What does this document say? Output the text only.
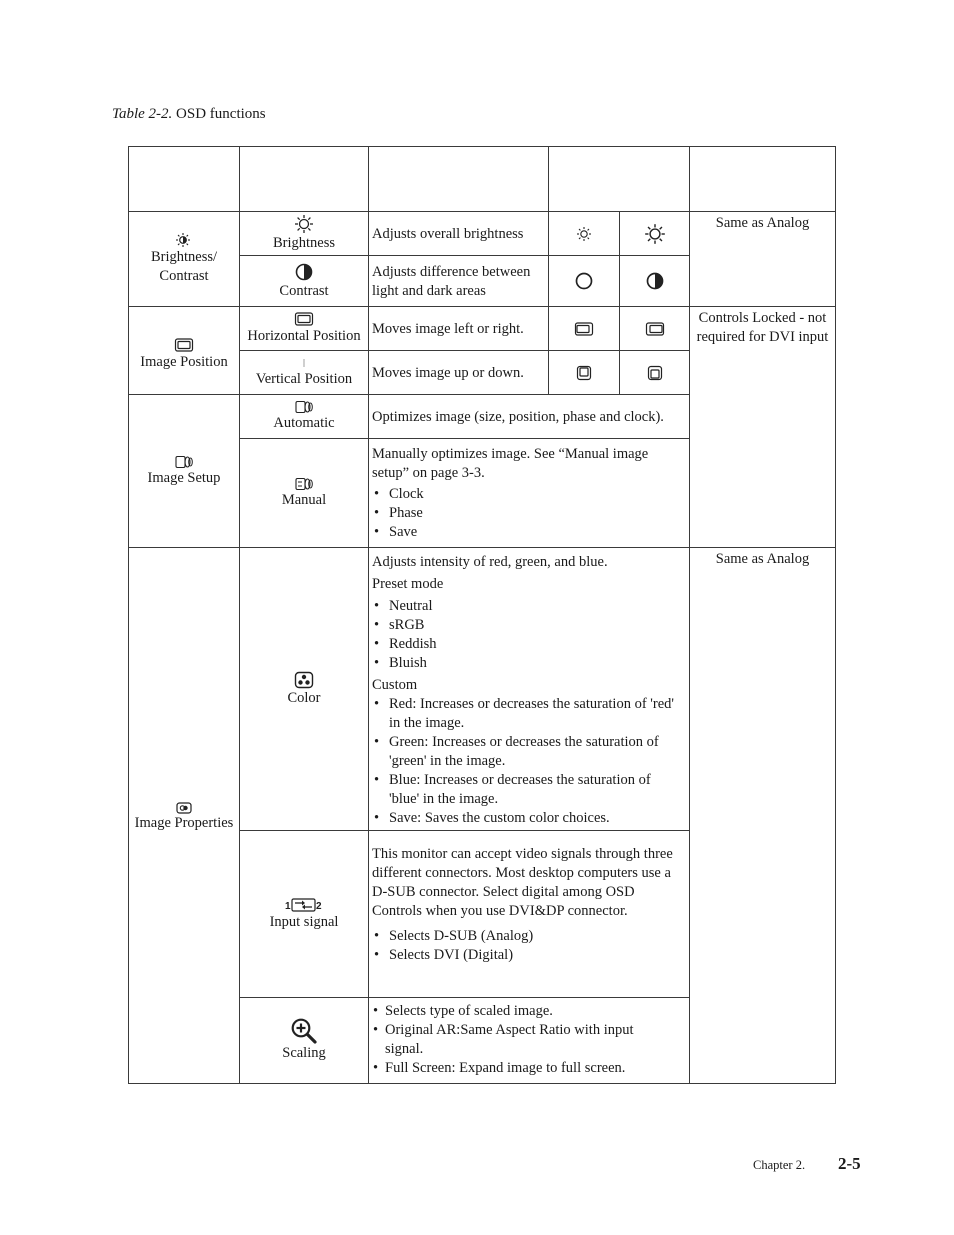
Table 2-2. OSD functions
Brightness/
Contrast
Brightness
Adjusts overall brightness
Same as Analog
Contrast
Adjusts difference between light and dark areas
Image Position
Horizontal Position Moves image left or right.
Controls Locked - not required for DVI input
Vertical Position Moves image up or down.
Image Setup
Automatic	Optimizes image (size, position, phase and clock).
Manual

Manually optimizes image. See “Manual image setup” on page 3-3.

• Clock
• Phase
• Save
Image Properties
Same as Analog
Color

Adjusts intensity of red, green, and blue.

Preset mode

• Neutral
• sRGB
• Reddish
• Bluish

Custom

• Red: Increases or decreases the saturation of 'red' in the image.
• Green: Increases or decreases the saturation of 'green' in the image.
• Blue: Increases or decreases the saturation of 'blue' in the image.
• Save: Saves the custom color choices.
1	2
Input signal

This monitor can accept video signals through three different connectors. Most desktop computers use a D-SUB connector. Select digital among OSD Controls when you use DVI&DP connector.

• Selects D-SUB (Analog)
• Selects DVI (Digital)
Scaling
• Selects type of scaled image.
• Original AR:Same Aspect Ratio with input signal.
• Full Screen: Expand image to full screen.
Chapter 2. 2-5
